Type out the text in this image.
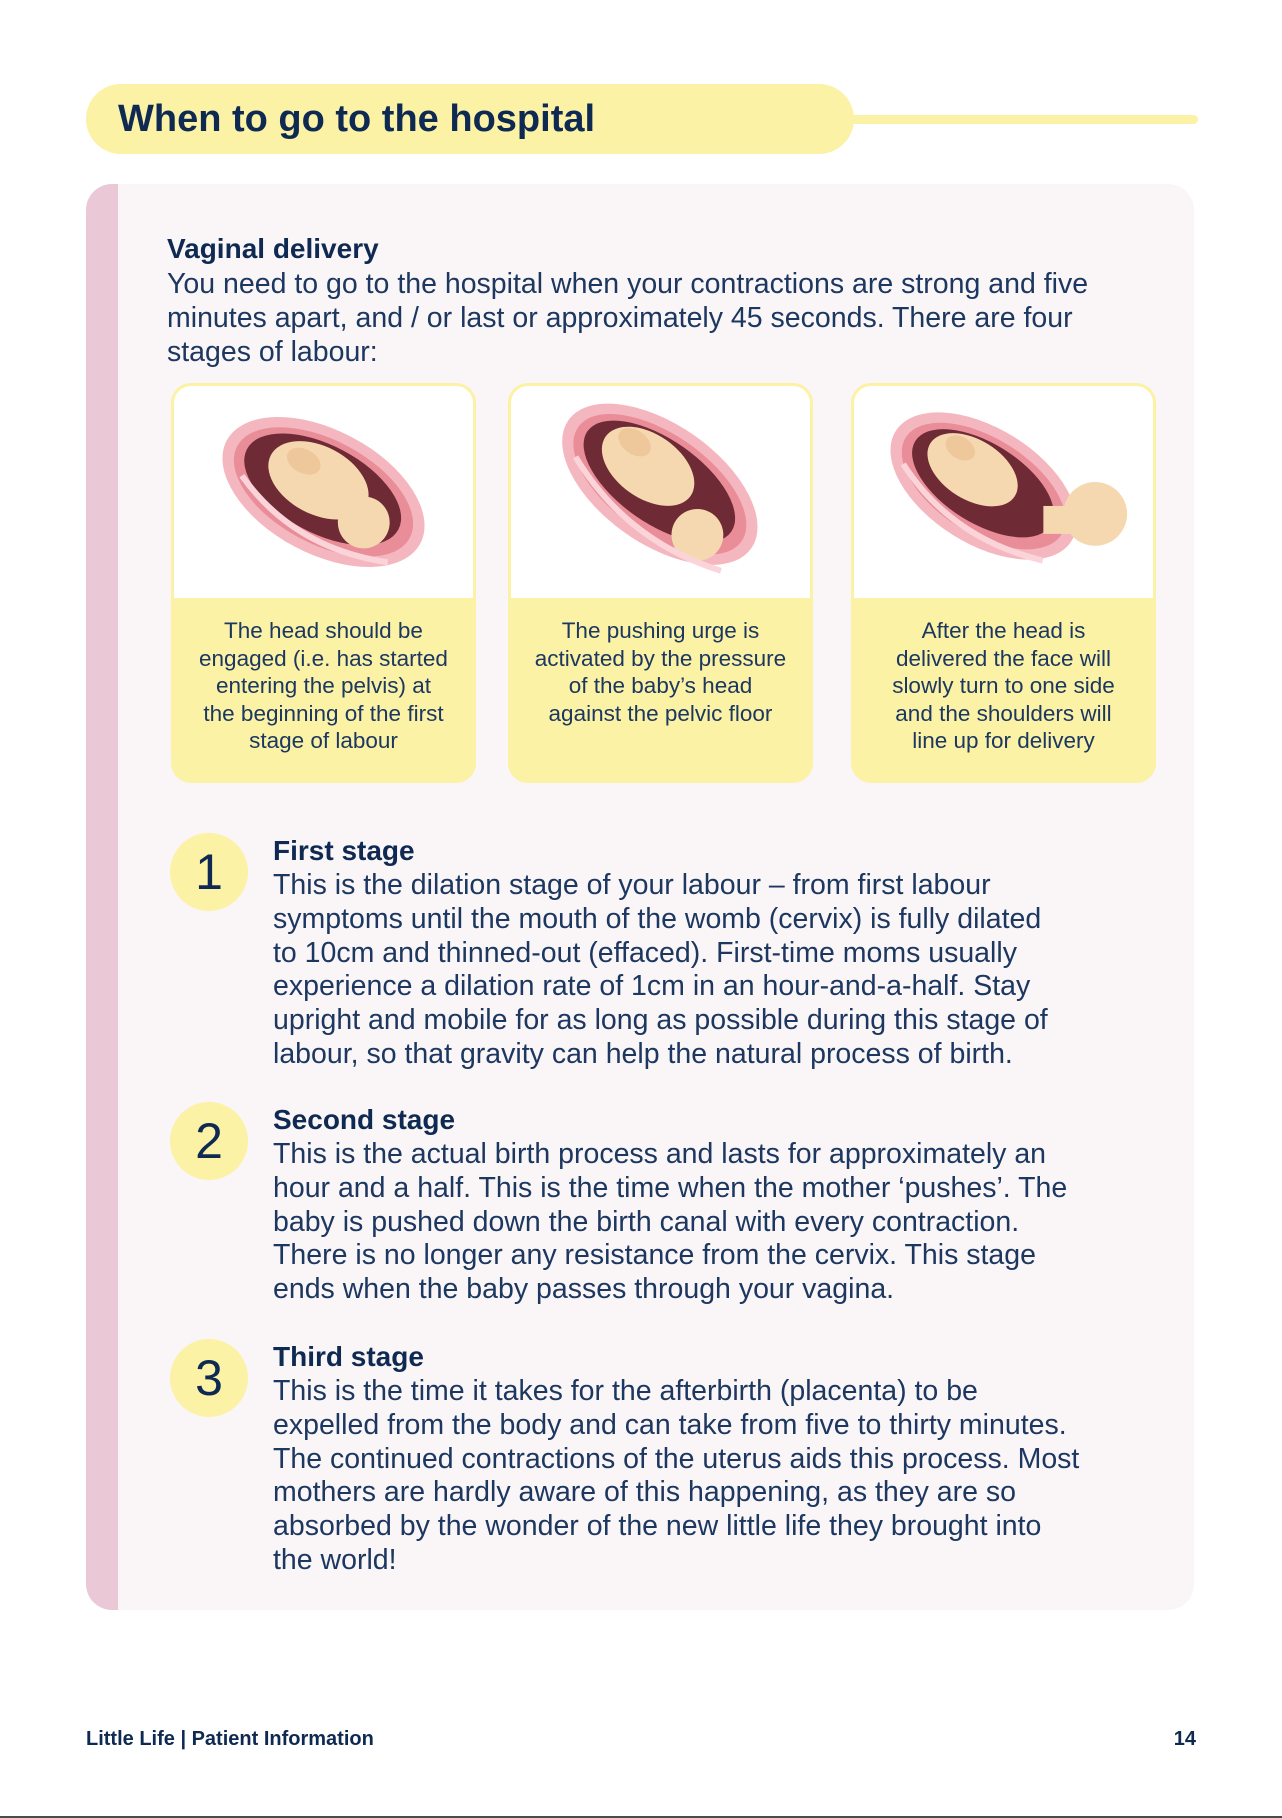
When to go to the hospital
Vaginal delivery

You need to go to the hospital when your contractions are strong and five minutes apart, and / or last or approximately 45 seconds. There are four stages of labour:

The head should be
engaged (i.e. has started
entering the pelvis) at
the beginning of the first
stage of labour
The pushing urge is
activated by the pressure
of the baby’s head
against the pelvic floor
After the head is
delivered the face will
slowly turn to one side
and the shoulders will
line up for delivery
1	First stage

This is the dilation stage of your labour – from first labour
symptoms until the mouth of the womb (cervix) is fully dilated
to 10cm and thinned-out (effaced). First-time moms usually
experience a dilation rate of 1cm in an hour-and-a-half. Stay
upright and mobile for as long as possible during this stage of
labour, so that gravity can help the natural process of birth.

2	Second stage

This is the actual birth process and lasts for approximately an
hour and a half. This is the time when the mother ‘pushes’. The
baby is pushed down the birth canal with every contraction.
There is no longer any resistance from the cervix. This stage
ends when the baby passes through your vagina.

3	Third stage

This is the time it takes for the afterbirth (placenta) to be
expelled from the body and can take from five to thirty minutes.
The continued contractions of the uterus aids this process. Most
mothers are hardly aware of this happening, as they are so
absorbed by the wonder of the new little life they brought into
the world!

Little Life | Patient Information	14
